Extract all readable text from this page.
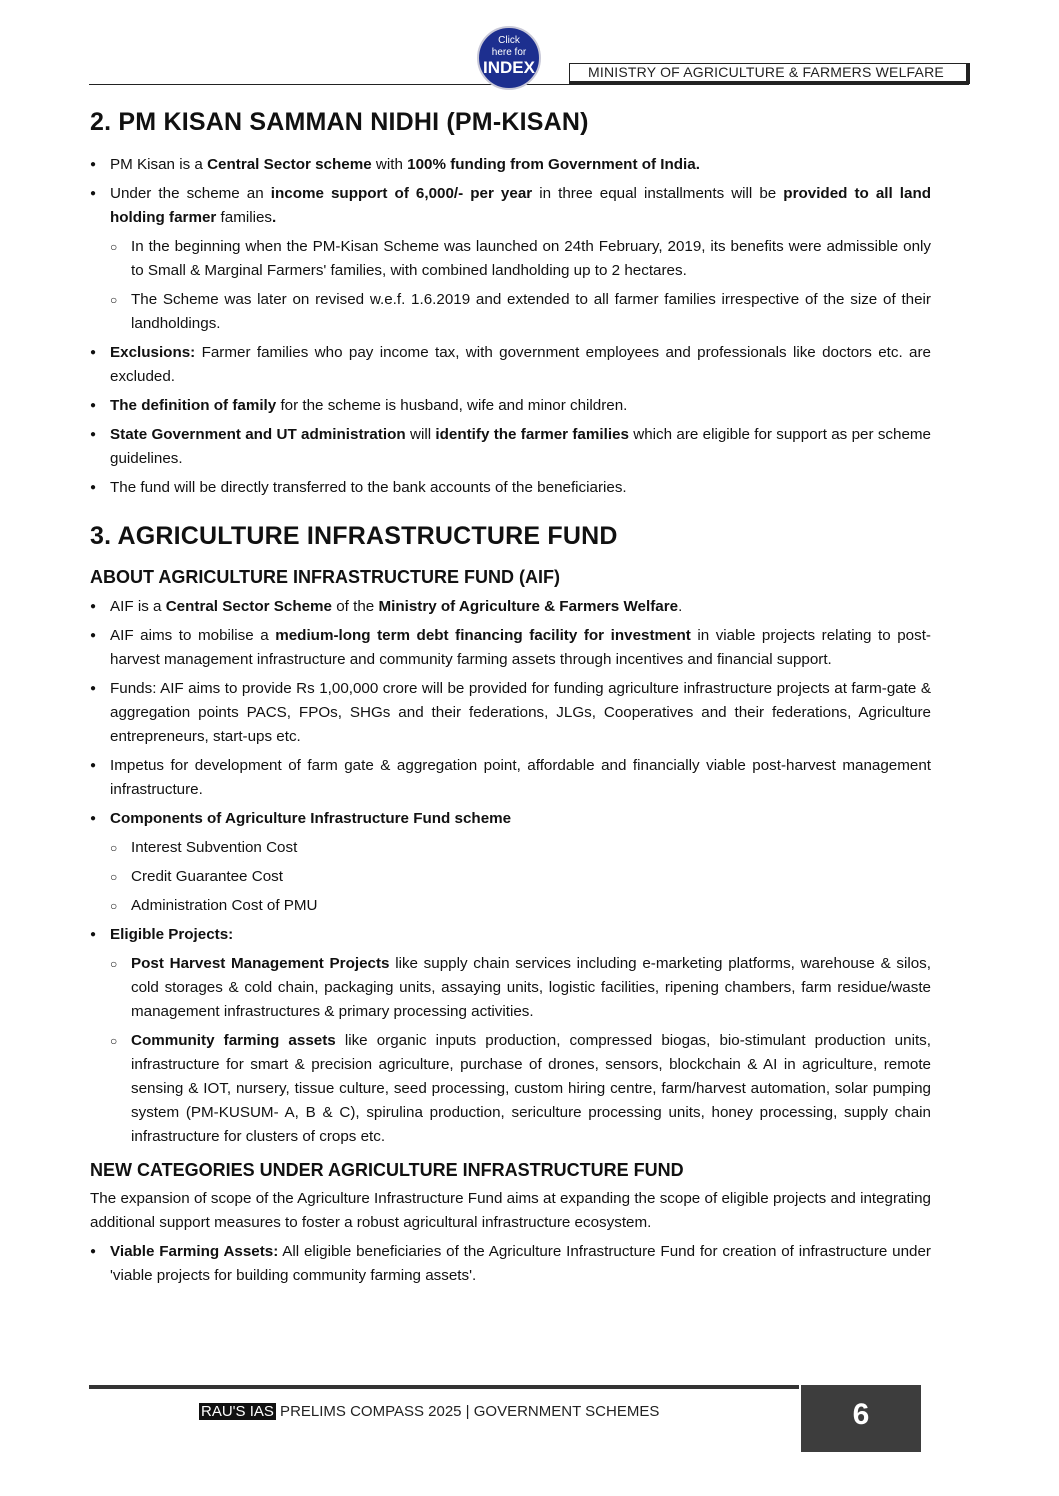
MINISTRY OF AGRICULTURE & FARMERS WELFARE
Click
here for
INDEX
2. PM KISAN SAMMAN NIDHI (PM-KISAN)
● PM Kisan is a Central Sector scheme with 100% funding from Government of India.
● Under the scheme an income support of 6,000/- per year in three equal installments will be provided to all land holding farmer families.
○ In the beginning when the PM-Kisan Scheme was launched on 24th February, 2019, its benefits were admissible only to Small & Marginal Farmers' families, with combined landholding up to 2 hectares.
○ The Scheme was later on revised w.e.f. 1.6.2019 and extended to all farmer families irrespective of the size of their landholdings.
● Exclusions: Farmer families who pay income tax, with government employees and professionals like doctors etc. are excluded.
● The definition of family for the scheme is husband, wife and minor children.
● State Government and UT administration will identify the farmer families which are eligible for support as per scheme guidelines.
● The fund will be directly transferred to the bank accounts of the beneficiaries.
3. AGRICULTURE INFRASTRUCTURE FUND
ABOUT AGRICULTURE INFRASTRUCTURE FUND (AIF)
● AIF is a Central Sector Scheme of the Ministry of Agriculture & Farmers Welfare.
● AIF aims to mobilise a medium-long term debt financing facility for investment in viable projects relating to post-harvest management infrastructure and community farming assets through incentives and financial support.
● Funds: AIF aims to provide Rs 1,00,000 crore will be provided for funding agriculture infrastructure projects at farm-gate & aggregation points PACS, FPOs, SHGs and their federations, JLGs, Cooperatives and their federations, Agriculture entrepreneurs, start-ups etc.
● Impetus for development of farm gate & aggregation point, affordable and financially viable post-harvest management infrastructure.
● Components of Agriculture Infrastructure Fund scheme
○ Interest Subvention Cost
○ Credit Guarantee Cost
○ Administration Cost of PMU
● Eligible Projects:
○ Post Harvest Management Projects like supply chain services including e-marketing platforms, warehouse & silos, cold storages & cold chain, packaging units, assaying units, logistic facilities, ripening chambers, farm residue/waste management infrastructures & primary processing activities.
○ Community farming assets like organic inputs production, compressed biogas, bio-stimulant production units, infrastructure for smart & precision agriculture, purchase of drones, sensors, blockchain & AI in agriculture, remote sensing & IOT, nursery, tissue culture, seed processing, custom hiring centre, farm/harvest automation, solar pumping system (PM-KUSUM- A, B & C), spirulina production, sericulture processing units, honey processing, supply chain infrastructure for clusters of crops etc.
NEW CATEGORIES UNDER AGRICULTURE INFRASTRUCTURE FUND

The expansion of scope of the Agriculture Infrastructure Fund aims at expanding the scope of eligible projects and integrating additional support measures to foster a robust agricultural infrastructure ecosystem.

● Viable Farming Assets: All eligible beneficiaries of the Agriculture Infrastructure Fund for creation of infrastructure under 'viable projects for building community farming assets'.
RAU'S IAS PRELIMS COMPASS 2025 | GOVERNMENT SCHEMES	6
